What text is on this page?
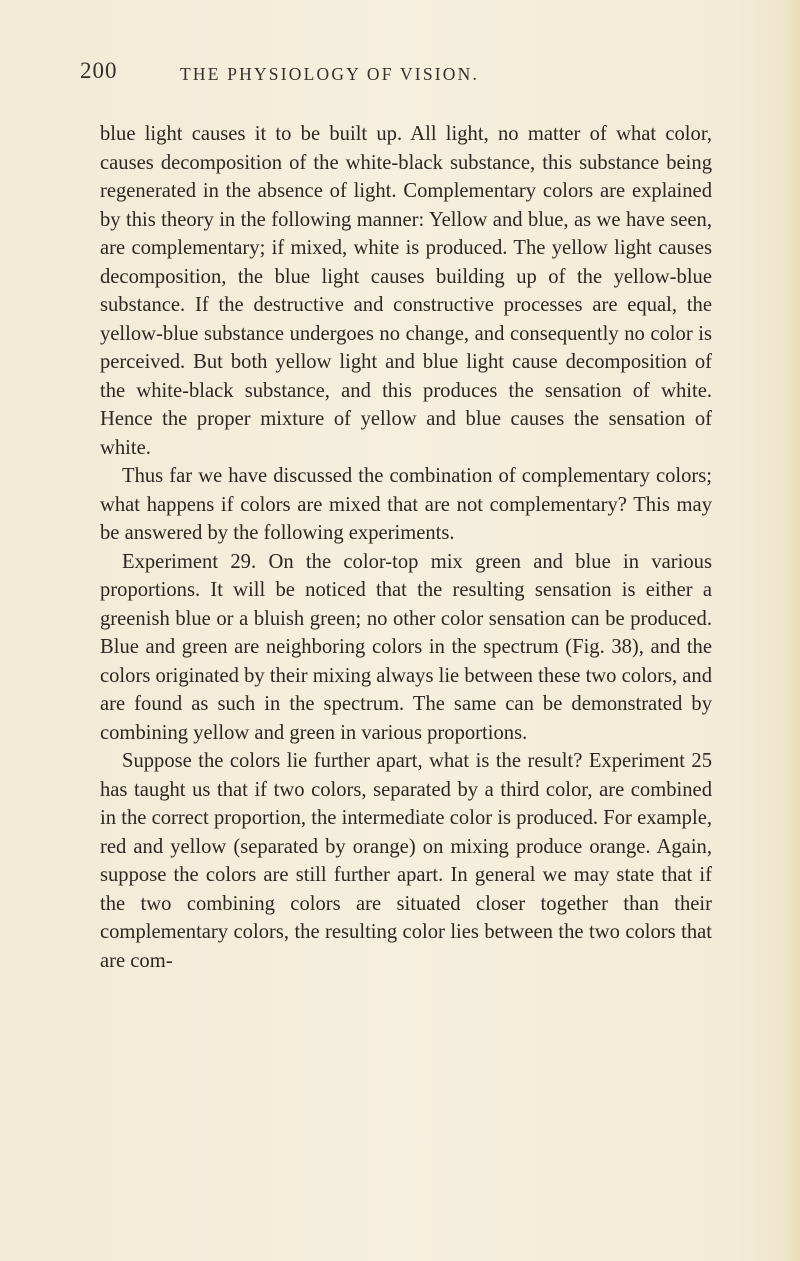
200	THE PHYSIOLOGY OF VISION.

blue light causes it to be built up. All light, no matter of what color, causes decomposition of the white-black substance, this substance being regenerated in the absence of light. Complementary colors are explained by this theory in the following manner: Yellow and blue, as we have seen, are complementary; if mixed, white is produced. The yellow light causes decomposition, the blue light causes building up of the yellow-blue substance. If the destructive and constructive processes are equal, the yellow-blue substance undergoes no change, and consequently no color is perceived. But both yellow light and blue light cause decomposition of the white-black substance, and this produces the sensation of white. Hence the proper mixture of yellow and blue causes the sensation of white.

Thus far we have discussed the combination of complementary colors; what happens if colors are mixed that are not complementary? This may be answered by the following experiments.

Experiment 29. On the color-top mix green and blue in various proportions. It will be noticed that the resulting sensation is either a greenish blue or a bluish green; no other color sensation can be produced. Blue and green are neighboring colors in the spectrum (Fig. 38), and the colors originated by their mixing always lie between these two colors, and are found as such in the spectrum. The same can be demonstrated by combining yellow and green in various proportions.

Suppose the colors lie further apart, what is the result? Experiment 25 has taught us that if two colors, separated by a third color, are combined in the correct proportion, the intermediate color is produced. For example, red and yellow (separated by orange) on mixing produce orange. Again, suppose the colors are still further apart. In general we may state that if the two combining colors are situated closer together than their complementary colors, the resulting color lies between the two colors that are com-
